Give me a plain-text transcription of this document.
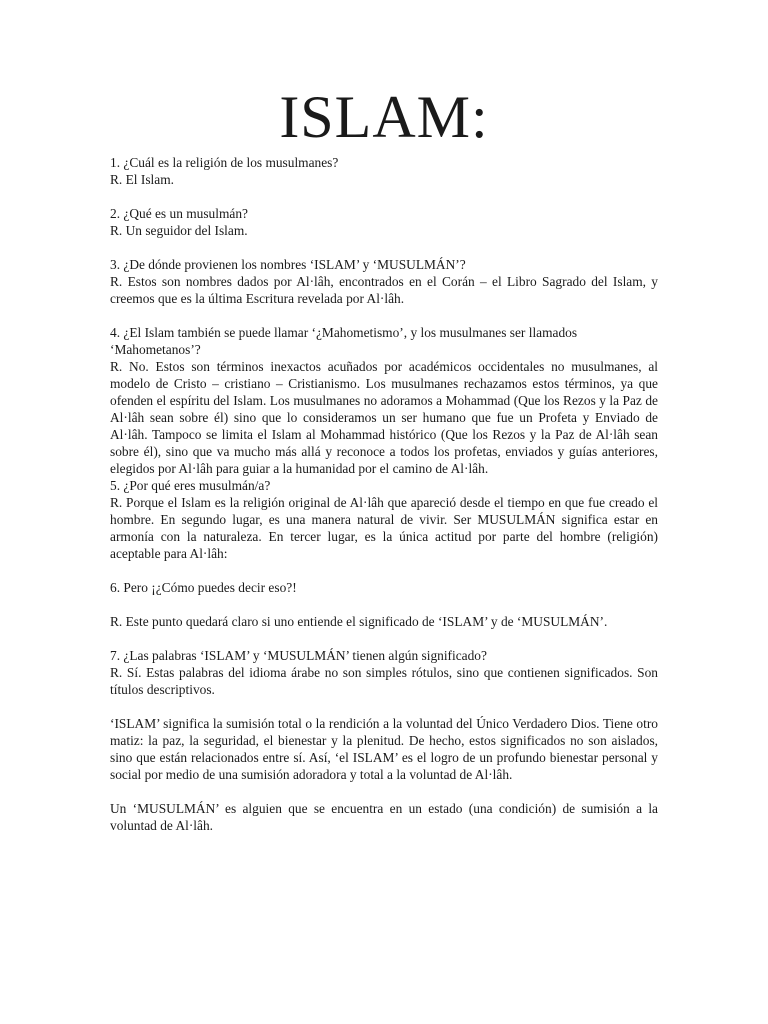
ISLAM:

1. ¿Cuál es la religión de los musulmanes?

R. El Islam.

2. ¿Qué es un musulmán?

R. Un seguidor del Islam.

3. ¿De dónde provienen los nombres ‘ISLAM’ y ‘MUSULMÁN’?

R. Estos son nombres dados por Al·lâh, encontrados en el Corán – el Libro Sagrado del Islam, y creemos que es la última Escritura revelada por Al·lâh.

4. ¿El Islam también se puede llamar ‘¿Mahometismo’, y los musulmanes ser llamados ‘Mahometanos’?

R. No. Estos son términos inexactos acuñados por académicos occidentales no musulmanes, al modelo de Cristo – cristiano – Cristianismo. Los musulmanes rechazamos estos términos, ya que ofenden el espíritu del Islam. Los musulmanes no adoramos a Mohammad (Que los Rezos y la Paz de Al·lâh sean sobre él) sino que lo consideramos un ser humano que fue un Profeta y Enviado de Al·lâh. Tampoco se limita el Islam al Mohammad histórico (Que los Rezos y la Paz de Al·lâh sean sobre él), sino que va mucho más allá y reconoce a todos los profetas, enviados y guías anteriores, elegidos por Al·lâh para guiar a la humanidad por el camino de Al·lâh.

5. ¿Por qué eres musulmán/a?

R. Porque el Islam es la religión original de Al·lâh que apareció desde el tiempo en que fue creado el hombre. En segundo lugar, es una manera natural de vivir. Ser MUSULMÁN significa estar en armonía con la naturaleza. En tercer lugar, es la única actitud por parte del hombre (religión) aceptable para Al·lâh:

6. Pero ¡¿Cómo puedes decir eso?!

R. Este punto quedará claro si uno entiende el significado de ‘ISLAM’ y de ‘MUSULMÁN’.

7. ¿Las palabras ‘ISLAM’ y ‘MUSULMÁN’ tienen algún significado?

R. Sí. Estas palabras del idioma árabe no son simples rótulos, sino que contienen significados. Son títulos descriptivos.

‘ISLAM’ significa la sumisión total o la rendición a la voluntad del Único Verdadero Dios. Tiene otro matiz: la paz, la seguridad, el bienestar y la plenitud. De hecho, estos significados no son aislados, sino que están relacionados entre sí. Así, ‘el ISLAM’ es el logro de un profundo bienestar personal y social por medio de una sumisión adoradora y total a la voluntad de Al·lâh.

Un ‘MUSULMÁN’ es alguien que se encuentra en un estado (una condición) de sumisión a la voluntad de Al·lâh.
